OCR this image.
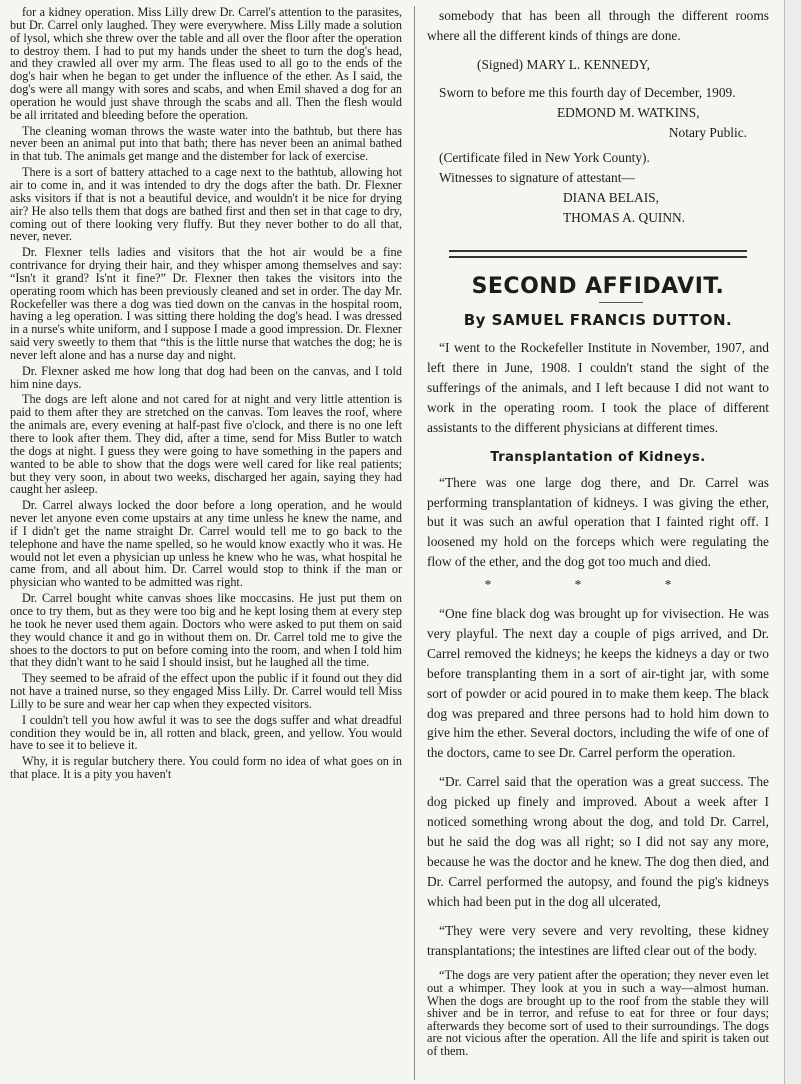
for a kidney operation. Miss Lilly drew Dr. Carrel's attention to the parasites, but Dr. Carrel only laughed. They were everywhere. Miss Lilly made a solution of lysol, which she threw over the table and all over the floor after the operation to destroy them. I had to put my hands under the sheet to turn the dog's head, and they crawled all over my arm. The fleas used to all go to the ends of the dog's hair when he began to get under the influence of the ether. As I said, the dog's were all mangy with sores and scabs, and when Emil shaved a dog for an operation he would just shave through the scabs and all. Then the flesh would be all irritated and bleeding before the operation.

The cleaning woman throws the waste water into the bathtub, but there has never been an animal put into that bath; there has never been an animal bathed in that tub. The animals get mange and the distember for lack of exercise.

There is a sort of battery attached to a cage next to the bathtub, allowing hot air to come in, and it was intended to dry the dogs after the bath. Dr. Flexner asks visitors if that is not a beautiful device, and wouldn't it be nice for drying air? He also tells them that dogs are bathed first and then set in that cage to dry, coming out of there looking very fluffy. But they never bother to do all that, never, never.

Dr. Flexner tells ladies and visitors that the hot air would be a fine contrivance for drying their hair, and they whisper among themselves and say: “Isn't it grand? Is'nt it fine?” Dr. Flexner then takes the visitors into the operating room which has been previously cleaned and set in order. The day Mr. Rockefeller was there a dog was tied down on the canvas in the hospital room, having a leg operation. I was sitting there holding the dog's head. I was dressed in a nurse's white uniform, and I suppose I made a good impression. Dr. Flexner said very sweetly to them that “this is the little nurse that watches the dog; he is never left alone and has a nurse day and night.

Dr. Flexner asked me how long that dog had been on the canvas, and I told him nine days.

The dogs are left alone and not cared for at night and very little attention is paid to them after they are stretched on the canvas. Tom leaves the roof, where the animals are, every evening at half-past five o'clock, and there is no one left there to look after them. They did, after a time, send for Miss Butler to watch the dogs at night. I guess they were going to have something in the papers and wanted to be able to show that the dogs were well cared for like real patients; but they very soon, in about two weeks, discharged her again, saying they had caught her asleep.

Dr. Carrel always locked the door before a long operation, and he would never let anyone even come upstairs at any time unless he knew the name, and if I didn't get the name straight Dr. Carrel would tell me to go back to the telephone and have the name spelled, so he would know exactly who it was. He would not let even a physician up unless he knew who he was, what hospital he came from, and all about him. Dr. Carrel would stop to think if the man or physician who wanted to be admitted was right.

Dr. Carrel bought white canvas shoes like moccasins. He just put them on once to try them, but as they were too big and he kept losing them at every step he took he never used them again. Doctors who were asked to put them on said they would chance it and go in without them on. Dr. Carrel told me to give the shoes to the doctors to put on before coming into the room, and when I told him that they didn't want to he said I should insist, but he laughed all the time.

They seemed to be afraid of the effect upon the public if it found out they did not have a trained nurse, so they engaged Miss Lilly. Dr. Carrel would tell Miss Lilly to be sure and wear her cap when they expected visitors.

I couldn't tell you how awful it was to see the dogs suffer and what dreadful condition they would be in, all rotten and black, green, and yellow. You would have to see it to believe it.

Why, it is regular butchery there. You could form no idea of what goes on in that place. It is a pity you haven't

somebody that has been all through the different rooms where all the different kinds of things are done.

(Signed) MARY L. KENNEDY,

Sworn to before me this fourth day of December, 1909.

EDMOND M. WATKINS,

Notary Public.

(Certificate filed in New York County).

Witnesses to signature of attestant—

DIANA BELAIS,

THOMAS A. QUINN.

SECOND AFFIDAVIT.
By SAMUEL FRANCIS DUTTON.

“I went to the Rockefeller Institute in November, 1907, and left there in June, 1908. I couldn't stand the sight of the sufferings of the animals, and I left because I did not want to work in the operating room. I took the place of different assistants to the different physicians at different times.

Transplantation of Kidneys.

“There was one large dog there, and Dr. Carrel was performing transplantation of kidneys. I was giving the ether, but it was such an awful operation that I fainted right off. I loosened my hold on the forceps which were regulating the flow of the ether, and the dog got too much and died.

* * *

“One fine black dog was brought up for vivisection. He was very playful. The next day a couple of pigs arrived, and Dr. Carrel removed the kidneys; he keeps the kidneys a day or two before transplanting them in a sort of air-tight jar, with some sort of powder or acid poured in to make them keep. The black dog was prepared and three persons had to hold him down to give him the ether. Several doctors, including the wife of one of the doctors, came to see Dr. Carrel perform the operation.

“Dr. Carrel said that the operation was a great success. The dog picked up finely and improved. About a week after I noticed something wrong about the dog, and told Dr. Carrel, but he said the dog was all right; so I did not say any more, because he was the doctor and he knew. The dog then died, and Dr. Carrel performed the autopsy, and found the pig's kidneys which had been put in the dog all ulcerated,

“They were very severe and very revolting, these kidney transplantations; the intestines are lifted clear out of the body.

“The dogs are very patient after the operation; they never even let out a whimper. They look at you in such a way—almost human. When the dogs are brought up to the roof from the stable they will shiver and be in terror, and refuse to eat for three or four days; afterwards they become sort of used to their surroundings. The dogs are not vicious after the operation. All the life and spirit is taken out of them.
